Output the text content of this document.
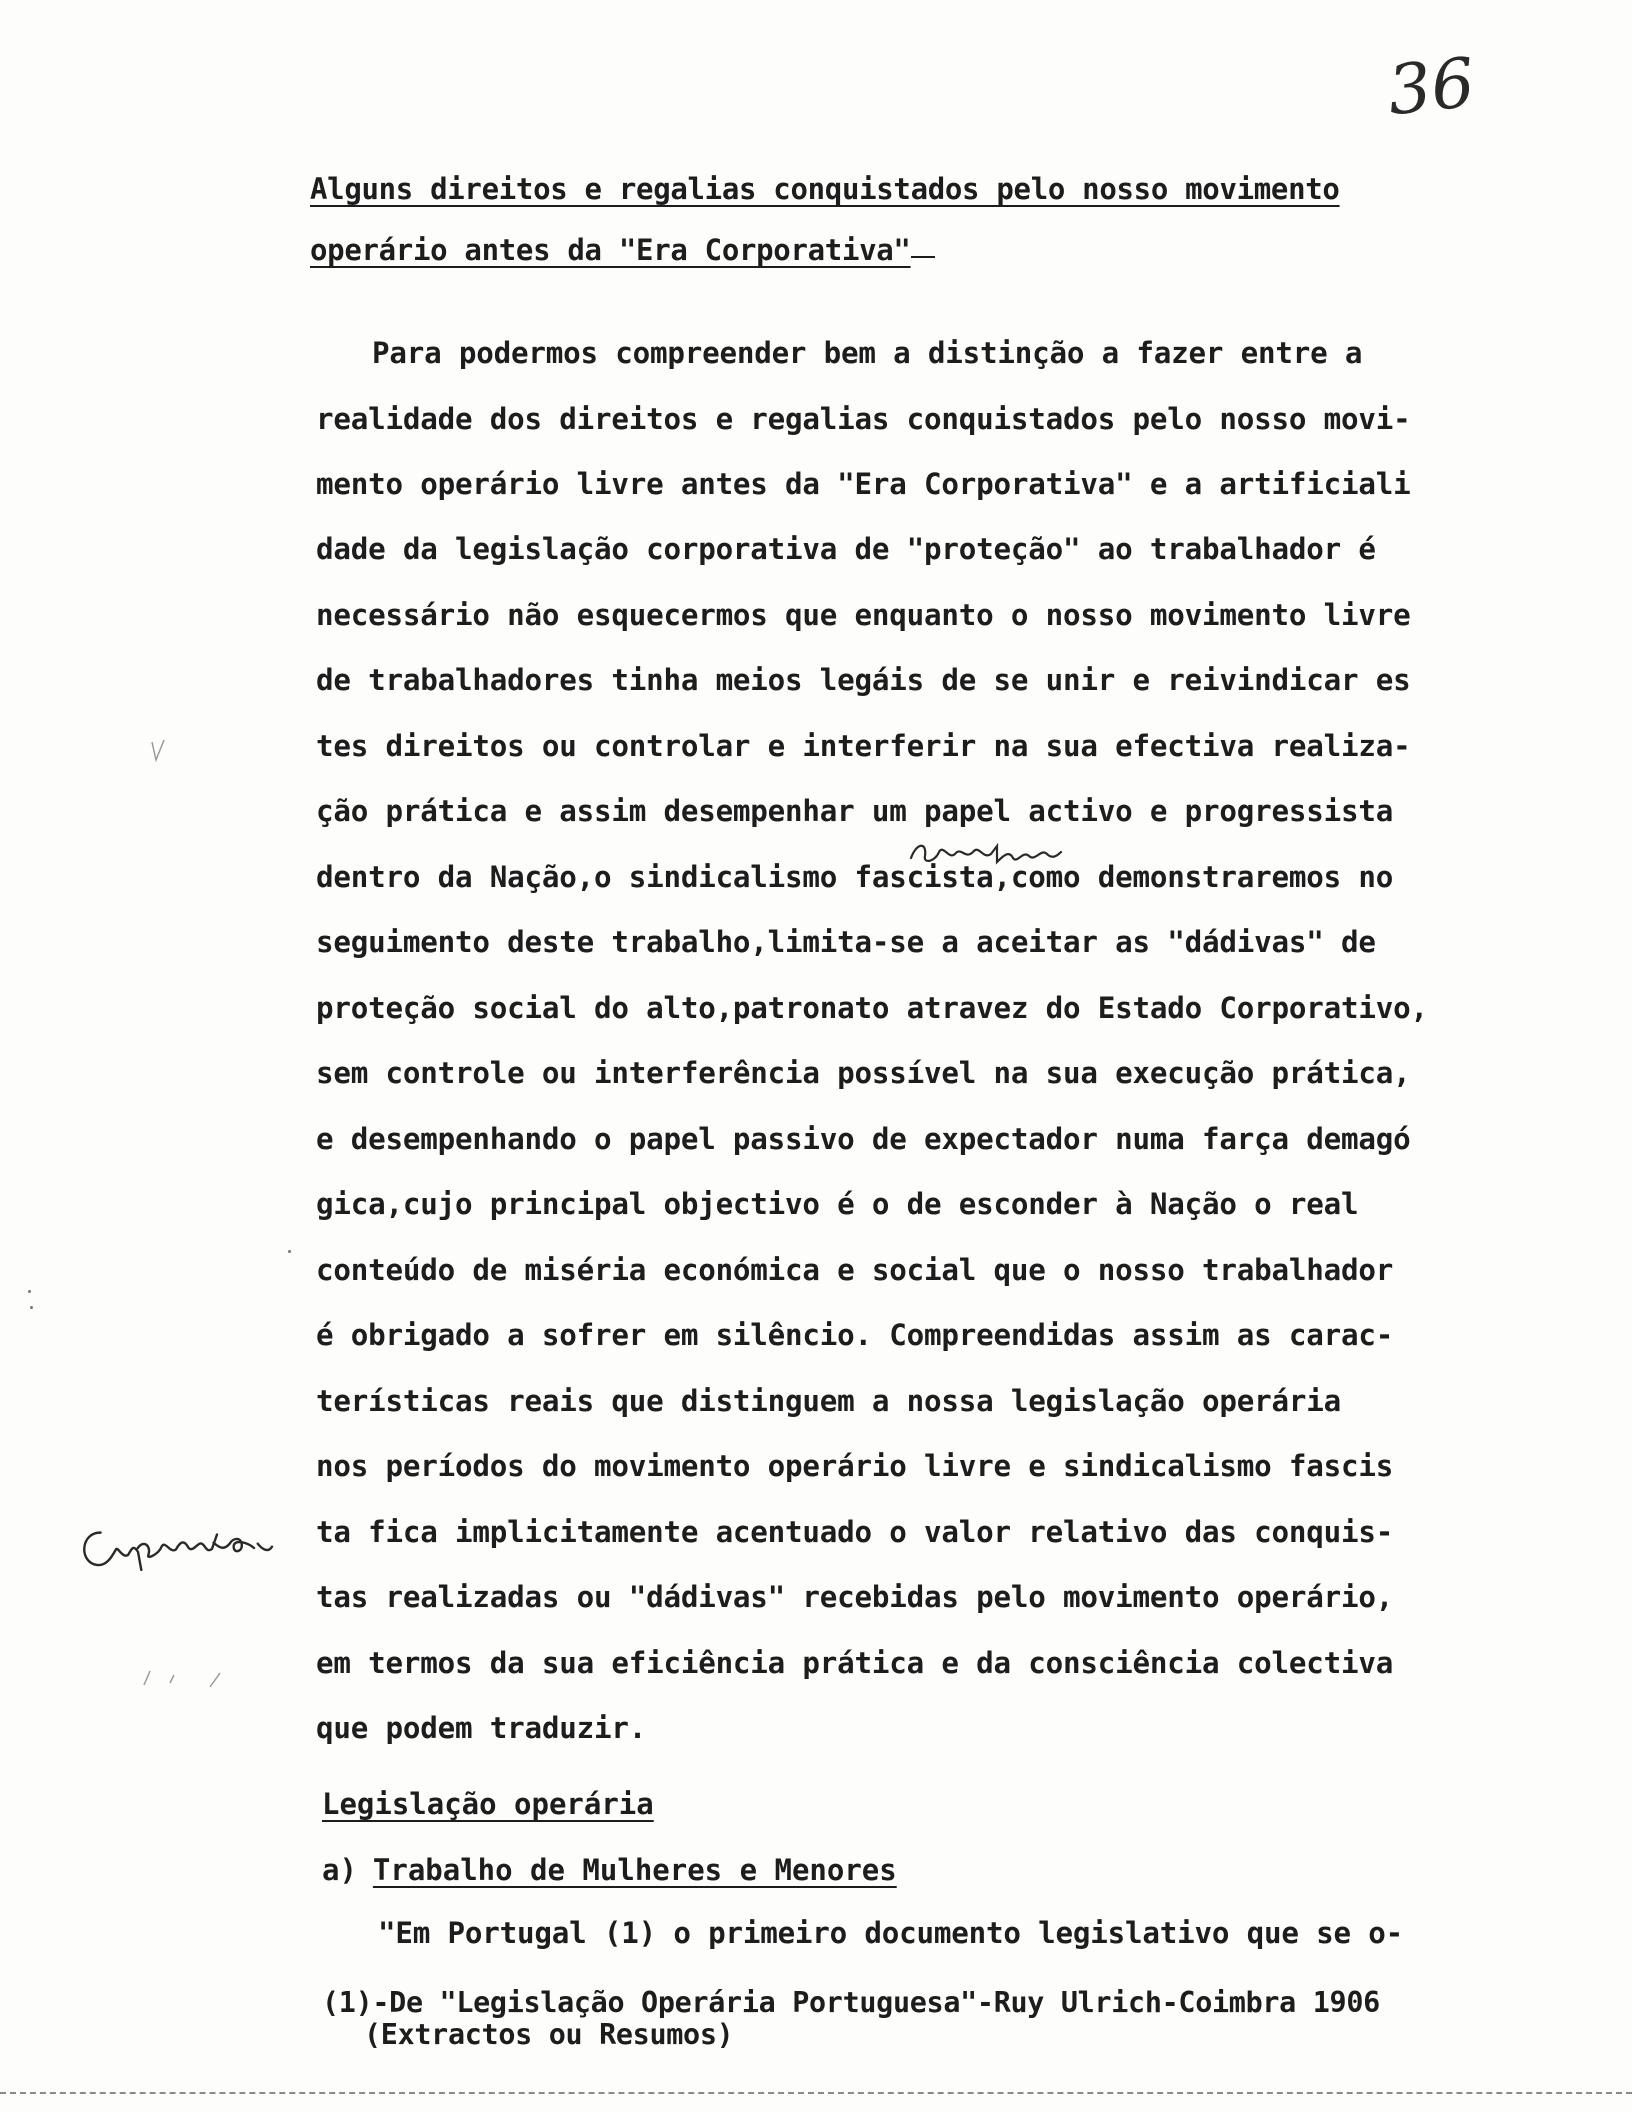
36
Alguns direitos e regalias conquistados pelo nosso movimento
operário antes da "Era Corporativa"
Para podermos compreender bem a distinção a fazer entre a
realidade dos direitos e regalias conquistados pelo nosso movi-
mento operário livre antes da "Era Corporativa" e a artificiali
dade da legislação corporativa de "proteção" ao trabalhador é
necessário não esquecermos que enquanto o nosso movimento livre
de trabalhadores tinha meios legáis de se unir e reivindicar es
tes direitos ou controlar e interferir na sua efectiva realiza-
ção prática e assim desempenhar um papel activo e progressista
dentro da Nação,o sindicalismo fascista,como demonstraremos no
seguimento deste trabalho,limita-se a aceitar as "dádivas" de
proteção social do alto,patronato atravez do Estado Corporativo,
sem controle ou interferência possível na sua execução prática,
e desempenhando o papel passivo de expectador numa farça demagó
gica,cujo principal objectivo é o de esconder à Nação o real
conteúdo de miséria económica e social que o nosso trabalhador
é obrigado a sofrer em silêncio. Compreendidas assim as carac-
terísticas reais que distinguem a nossa legislação operária
nos períodos do movimento operário livre e sindicalismo fascis
ta fica implicitamente acentuado o valor relativo das conquis-
tas realizadas ou "dádivas" recebidas pelo movimento operário,
em termos da sua eficiência prática e da consciência colectiva
que podem traduzir.
Legislação operária
a) Trabalho de Mulheres e Menores
"Em Portugal (1) o primeiro documento legislativo que se o-
(1)-De "Legislação Operária Portuguesa"-Ruy Ulrich-Coimbra 1906
(Extractos ou Resumos)
